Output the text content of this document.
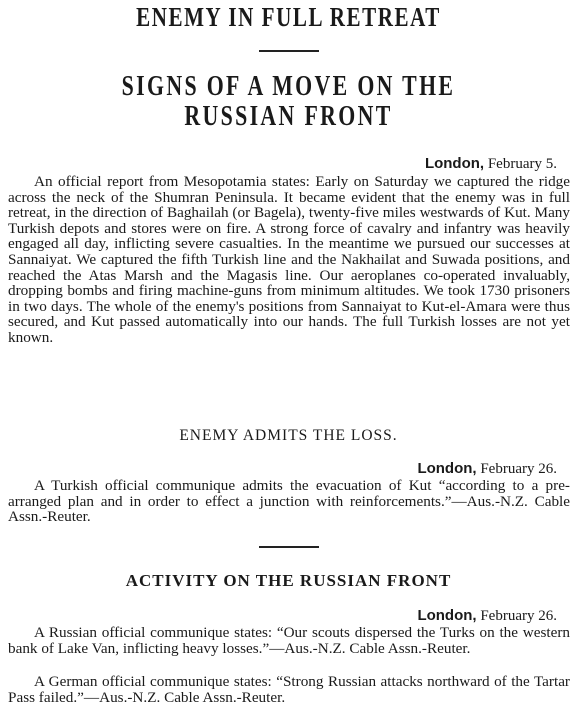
ENEMY IN FULL RETREAT
SIGNS OF A MOVE ON THE RUSSIAN FRONT
London, February 5.

An official report from Mesopotamia states: Early on Saturday we captured the ridge across the neck of the Shumran Peninsula. It became evident that the enemy was in full retreat, in the direction of Baghailah (or Bagela), twenty-five miles westwards of Kut. Many Turkish depots and stores were on fire. A strong force of cavalry and infantry was heavily engaged all day, inflicting severe casualties. In the meantime we pursued our successes at Sannaiyat. We captured the fifth Turkish line and the Nakhailat and Suwada positions, and reached the Atas Marsh and the Magasis line. Our aeroplanes co-operated invaluably, dropping bombs and firing machine-guns from minimum altitudes. We took 1730 prisoners in two days. The whole of the enemy's positions from Sannaiyat to Kut-el-Amara were thus secured, and Kut passed automatically into our hands. The full Turkish losses are not yet known.

ENEMY ADMITS THE LOSS.
London, February 26.

A Turkish official communique admits the evacuation of Kut “according to a pre-arranged plan and in order to effect a junction with reinforcements.”—Aus.-N.Z. Cable Assn.-Reuter.

ACTIVITY ON THE RUSSIAN FRONT
London, February 26.

A Russian official communique states: “Our scouts dispersed the Turks on the western bank of Lake Van, inflicting heavy losses.”—Aus.-N.Z. Cable Assn.-Reuter.

A German official communique states: “Strong Russian attacks northward of the Tartar Pass failed.”—Aus.-N.Z. Cable Assn.-Reuter.
